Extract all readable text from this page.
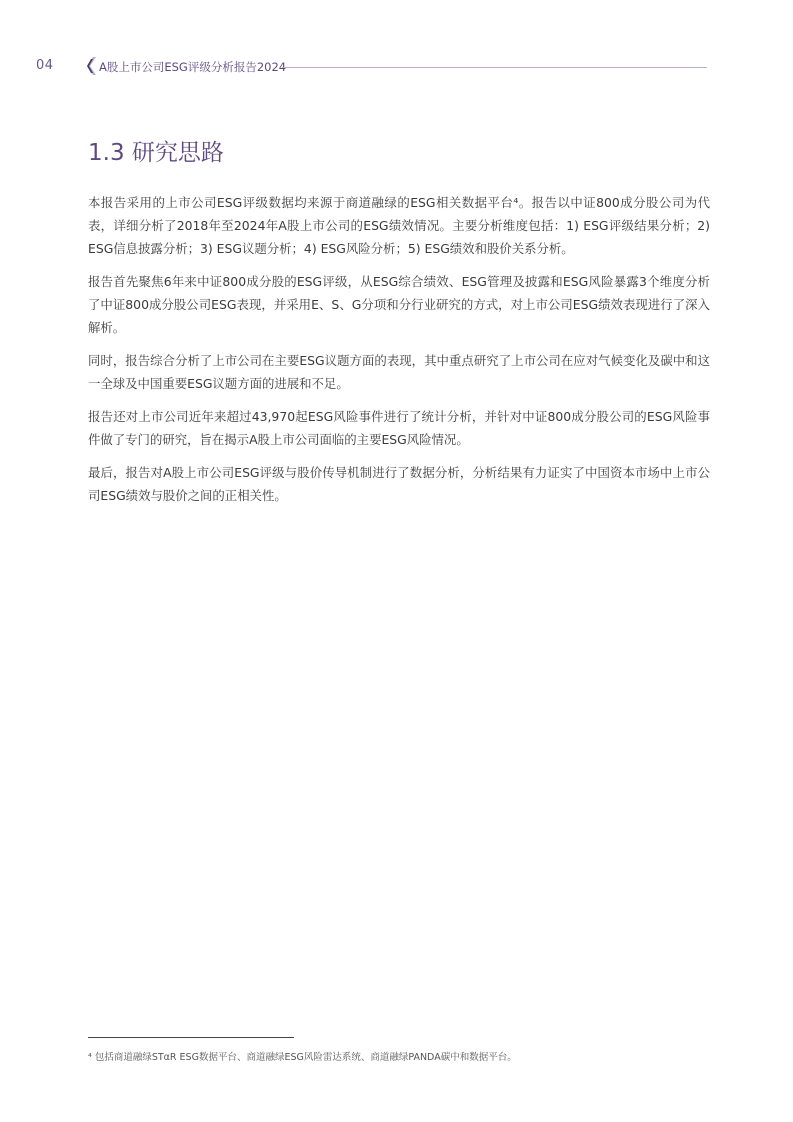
04	A股上市公司ESG评级分析报告2024
1.3 研究思路

本报告采用的上市公司ESG评级数据均来源于商道融绿的ESG相关数据平台⁴。报告以中证800成分股公司为代表，详细分析了2018年至2024年A股上市公司的ESG绩效情况。主要分析维度包括：1) ESG评级结果分析；2) ESG信息披露分析；3) ESG议题分析；4) ESG风险分析；5) ESG绩效和股价关系分析。

报告首先聚焦6年来中证800成分股的ESG评级，从ESG综合绩效、ESG管理及披露和ESG风险暴露3个维度分析了中证800成分股公司ESG表现，并采用E、S、G分项和分行业研究的方式，对上市公司ESG绩效表现进行了深入解析。

同时，报告综合分析了上市公司在主要ESG议题方面的表现，其中重点研究了上市公司在应对气候变化及碳中和这一全球及中国重要ESG议题方面的进展和不足。

报告还对上市公司近年来超过43,970起ESG风险事件进行了统计分析，并针对中证800成分股公司的ESG风险事件做了专门的研究，旨在揭示A股上市公司面临的主要ESG风险情况。

最后，报告对A股上市公司ESG评级与股价传导机制进行了数据分析，分析结果有力证实了中国资本市场中上市公司ESG绩效与股价之间的正相关性。

⁴ 包括商道融绿STαR ESG数据平台、商道融绿ESG风险雷达系统、商道融绿PANDA碳中和数据平台。
